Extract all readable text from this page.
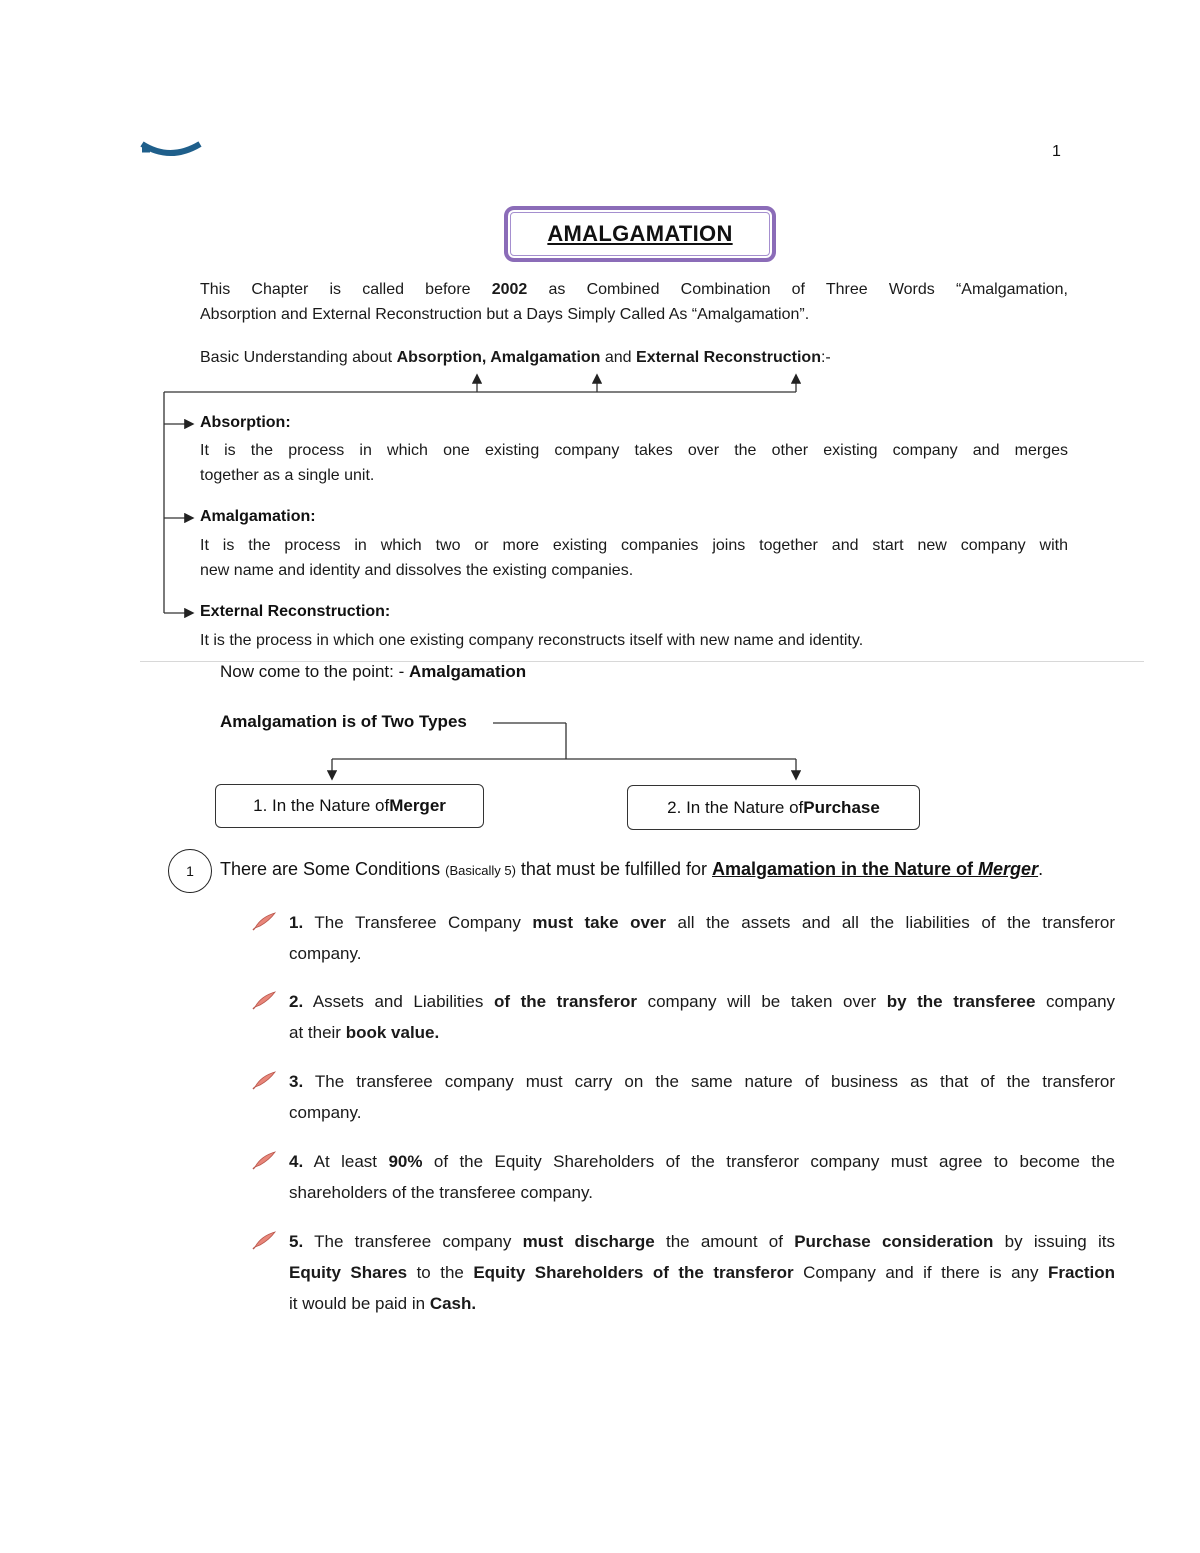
1
AMALGAMATION
This Chapter is called before 2002 as Combined Combination of Three Words “Amalgamation,
Absorption and External Reconstruction but a Days Simply Called As “Amalgamation”.
Basic Understanding about Absorption, Amalgamation and External Reconstruction:-
Absorption:
It is the process in which one existing company takes over the other existing company and merges
together as a single unit.
Amalgamation:
It is the process in which two or more existing companies joins together and start new company with
new name and identity and dissolves the existing companies.
External Reconstruction:
It is the process in which one existing company reconstructs itself with new name and identity.
Now come to the point: - Amalgamation
Amalgamation is of Two Types
1. In the Nature of Merger	2. In the Nature of Purchase
1	There are Some Conditions (Basically 5) that must be fulfilled for Amalgamation in the Nature of Merger.
1. The Transferee Company must take over all the assets and all the liabilities of the transferor
company.
2. Assets and Liabilities of the transferor company will be taken over by the transferee company
at their book value.
3. The transferee company must carry on the same nature of business as that of the transferor
company.
4. At least 90% of the Equity Shareholders of the transferor company must agree to become the
shareholders of the transferee company.
5. The transferee company must discharge the amount of Purchase consideration by issuing its
Equity Shares to the Equity Shareholders of the transferor Company and if there is any Fraction
it would be paid in Cash.
